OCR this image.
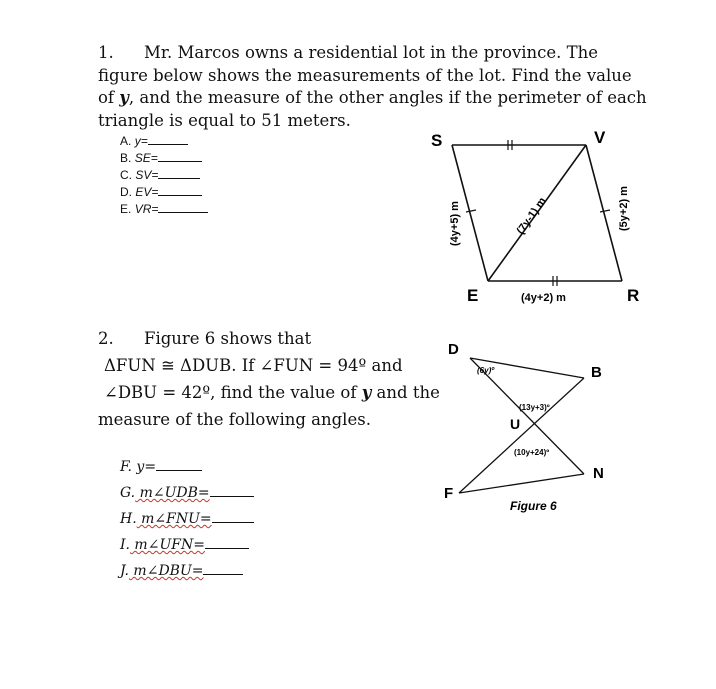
1. Mr. Marcos owns a residential lot in the province. The
figure below shows the measurements of the lot. Find the value
of y, and the measure of the other angles if the perimeter of each
triangle is equal to 51 meters.
A. y=
B. SE=
C. SV=
D. EV=
E. VR=
S	V
E	R
(4y+5) m	(7y-1) m	(5y+2) m
(4y+2) m
D
B
U
F
N
(6y)º
(13y+3)º
(10y+24)º
Figure 6
2. Figure 6 shows that
ΔFUN ≅ ΔDUB. If ∠FUN = 94º and
∠DBU = 42º, find the value of y and the
measure of the following angles.
F. y=
G. m∠UDB=
H. m∠FNU=
I. m∠UFN=
J. m∠DBU=
